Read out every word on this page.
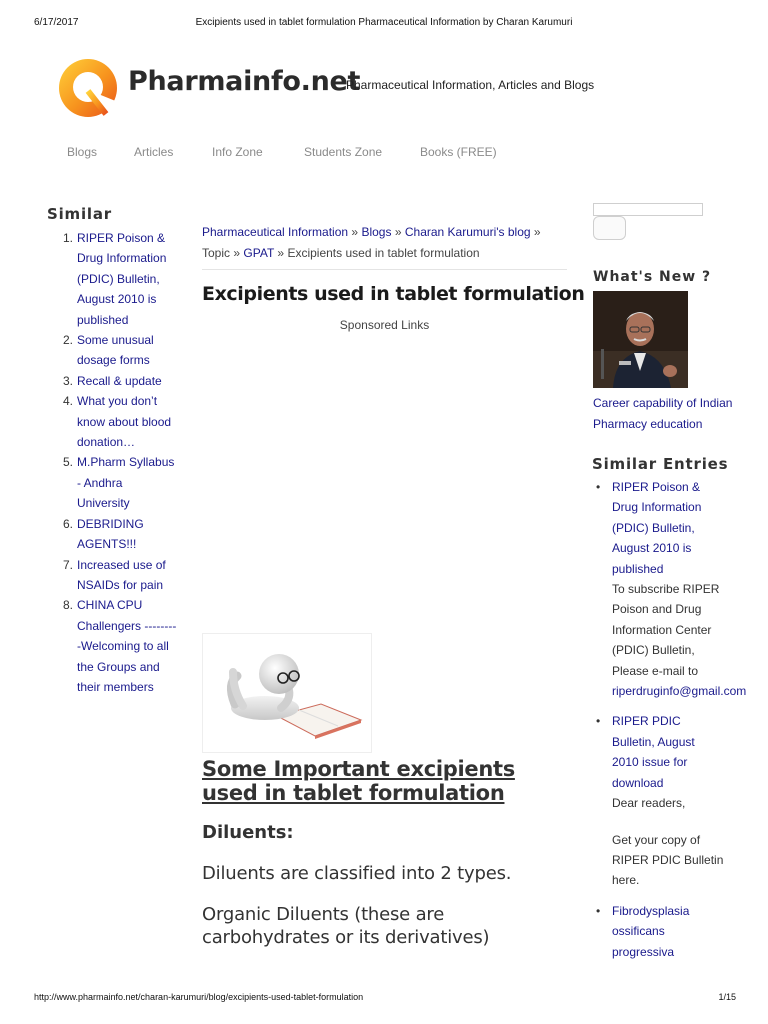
6/17/2017	Excipients used in tablet formulation Pharmaceutical Information by Charan Karumuri
Pharmainfo.net
Pharmaceutical Information, Articles and Blogs
Blogs	Articles	Info Zone	Students Zone	Books (FREE)
Similar
1. RIPER Poison &
Drug Information
(PDIC) Bulletin,
August 2010 is
published
2. Some unusual
dosage forms
3. Recall & update
4. What you don’t
know about blood
donation…
5. M.Pharm Syllabus
- Andhra
University
6. DEBRIDING
AGENTS!!!
7. Increased use of
NSAIDs for pain
8. CHINA CPU
Challengers --------
-Welcoming to all
the Groups and
their members
Pharmaceutical Information » Blogs » Charan Karumuri's blog »
Topic » GPAT » Excipients used in tablet formulation
Excipients used in tablet formulation
Sponsored Links
Some Important excipients used in tablet formulation
Diluents:

Diluents are classified into 2 types.

Organic Diluents (these are carbohydrates or its derivatives)

What's New ?
Career capability of Indian
Pharmacy education
Similar Entries
• RIPER Poison &
Drug Information
(PDIC) Bulletin,
August 2010 is
published
To subscribe RIPER
Poison and Drug
Information Center
(PDIC) Bulletin,
Please e-mail to
riperdruginfo@gmail.com
• RIPER PDIC
Bulletin, August
2010 issue for
download
Dear readers,

Get your copy of
RIPER PDIC Bulletin
here.
• Fibrodysplasia
ossificans
progressiva
http://www.pharmainfo.net/charan-karumuri/blog/excipients-used-tablet-formulation	1/15
